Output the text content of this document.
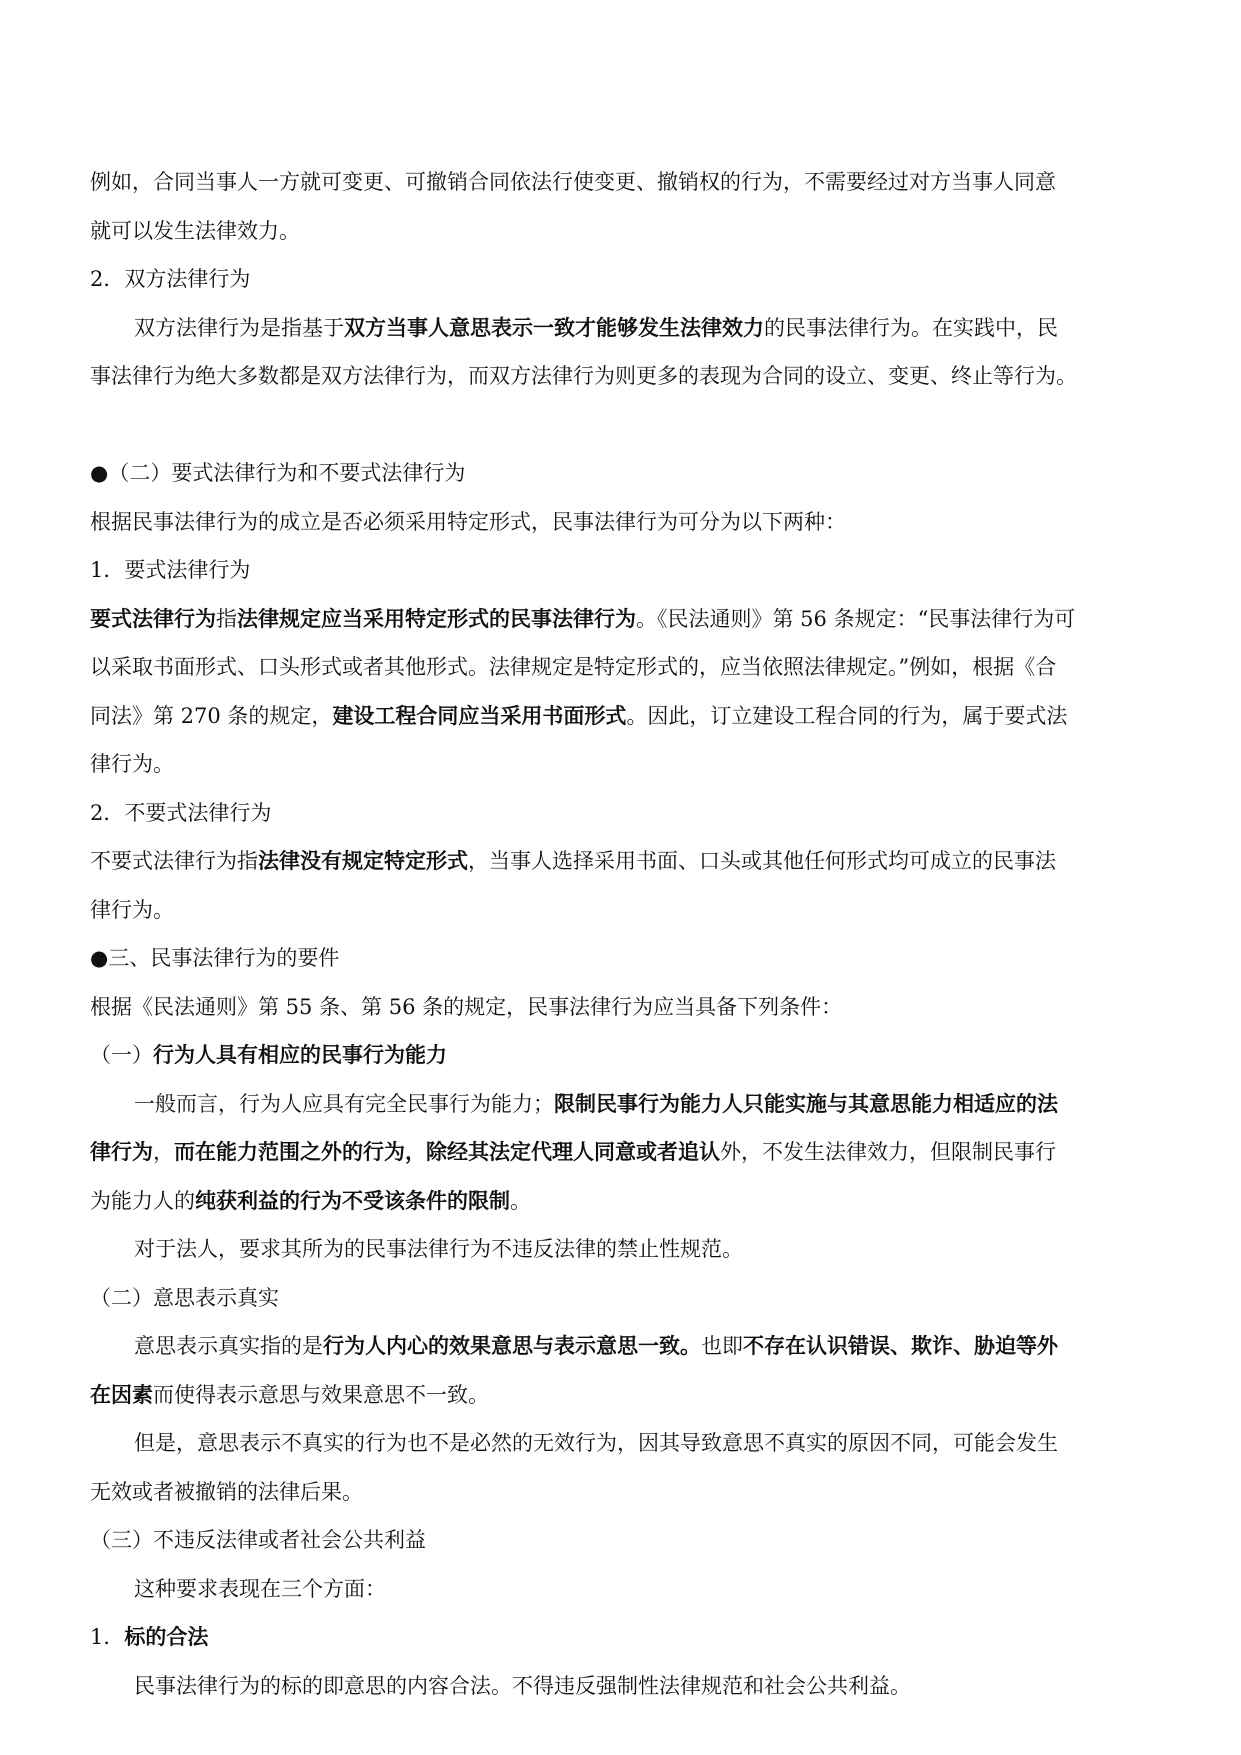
例如，合同当事人一方就可变更、可撤销合同依法行使变更、撤销权的行为，不需要经过对方当事人同意
就可以发生法律效力。
2．双方法律行为
双方法律行为是指基于双方当事人意思表示一致才能够发生法律效力的民事法律行为。在实践中，民
事法律行为绝大多数都是双方法律行为，而双方法律行为则更多的表现为合同的设立、变更、终止等行为。
●（二）要式法律行为和不要式法律行为
根据民事法律行为的成立是否必须采用特定形式，民事法律行为可分为以下两种：
1．要式法律行为
要式法律行为指法律规定应当采用特定形式的民事法律行为。《民法通则》第 56 条规定：“民事法律行为可
以采取书面形式、口头形式或者其他形式。法律规定是特定形式的，应当依照法律规定。”例如，根据《合
同法》第 270 条的规定，建设工程合同应当采用书面形式。因此，订立建设工程合同的行为，属于要式法
律行为。
2．不要式法律行为
不要式法律行为指法律没有规定特定形式，当事人选择采用书面、口头或其他任何形式均可成立的民事法
律行为。
●三、民事法律行为的要件
根据《民法通则》第 55 条、第 56 条的规定，民事法律行为应当具备下列条件：
（一）行为人具有相应的民事行为能力
一般而言，行为人应具有完全民事行为能力；限制民事行为能力人只能实施与其意思能力相适应的法
律行为，而在能力范围之外的行为，除经其法定代理人同意或者追认外，不发生法律效力，但限制民事行
为能力人的纯获利益的行为不受该条件的限制。
对于法人，要求其所为的民事法律行为不违反法律的禁止性规范。
（二）意思表示真实
意思表示真实指的是行为人内心的效果意思与表示意思一致。也即不存在认识错误、欺诈、胁迫等外
在因素而使得表示意思与效果意思不一致。
但是，意思表示不真实的行为也不是必然的无效行为，因其导致意思不真实的原因不同，可能会发生
无效或者被撤销的法律后果。
（三）不违反法律或者社会公共利益
这种要求表现在三个方面：
1．标的合法
民事法律行为的标的即意思的内容合法。不得违反强制性法律规范和社会公共利益。
